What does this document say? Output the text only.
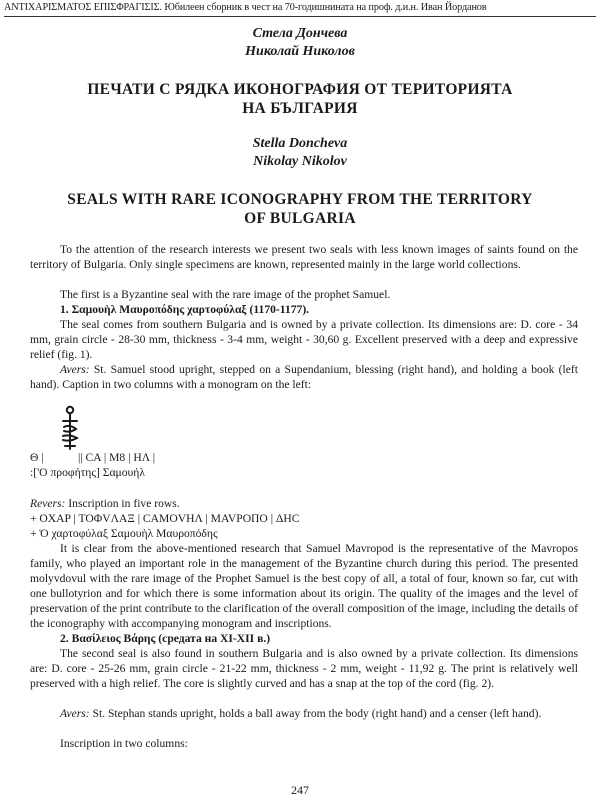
ANTIXAPIΣΜΑΤΟΣ ΕΠΙΣΦΡΑΓΙΣΙΣ. Юбилеен сборник в чест на 70-годишнината на проф. д.и.н. Иван Йорданов
Стела Дончева
Николай Николов
ПЕЧАТИ С РЯДКА ИКОНОГРАФИЯ ОТ ТЕРИТОРИЯТА
НА БЪЛГАРИЯ
Stella Doncheva
Nikolay Nikolov
SEALS WITH RARE ICONOGRAPHY FROM THE TERRITORY
OF BULGARIA
To the attention of the research interests we present two seals with less known images of saints found on the territory of Bulgaria. Only single specimens are known, represented mainly in the large world collections.
The first is a Byzantine seal with the rare image of the prophet Samuel.
1. Σαμουὴλ Μαυροπόδης χαρτοφύλαξ (1170-1177).
The seal comes from southern Bulgaria and is owned by a private collection. Its dimensions are: D. core - 34 mm, grain circle - 28-30 mm, thickness - 3-4 mm, weight - 30,60 g. Excellent preserved with a deep and expressive relief (fig. 1).
Avers: St. Samuel stood upright, stepped on a Supendanium, blessing (right hand), and holding a book (left hand). Caption in two columns with a monogram on the left:
Θ |	|| CA | M8 | HΛ |
:['Ο προφήτης] Σαμουήλ
Revers: Inscription in five rows.
+ OXAP | TOΦVΛAΞ | CAMOVHΛ | MAVPOΠO | ΔHC
+ Ὁ χαρτοφύλαξ Σαμουὴλ Μαυροπόδης
It is clear from the above-mentioned research that Samuel Mavropod is the representative of the Mavropos family, who played an important role in the management of the Byzantine church during this period. The presented molyvdovul with the rare image of the Prophet Samuel is the best copy of all, a total of four, known so far, cut with one bullotyrion and for which there is some information about its origin. The quality of the images and the level of preservation of the print contribute to the clarification of the overall composition of the image, including the details of the iconography with accompanying monogram and inscriptions.
2. Βασίλειος Βάρης (средата на XI-XII в.)
The second seal is also found in southern Bulgaria and is also owned by a private collection. Its dimensions are: D. core - 25-26 mm, grain circle - 21-22 mm, thickness - 2 mm, weight - 11,92 g. The print is relatively well preserved with a high relief. The core is slightly curved and has a snap at the top of the cord (fig. 2).
Avers: St. Stephan stands upright, holds a ball away from the body (right hand) and a censer (left hand).
Inscription in two columns:
247
